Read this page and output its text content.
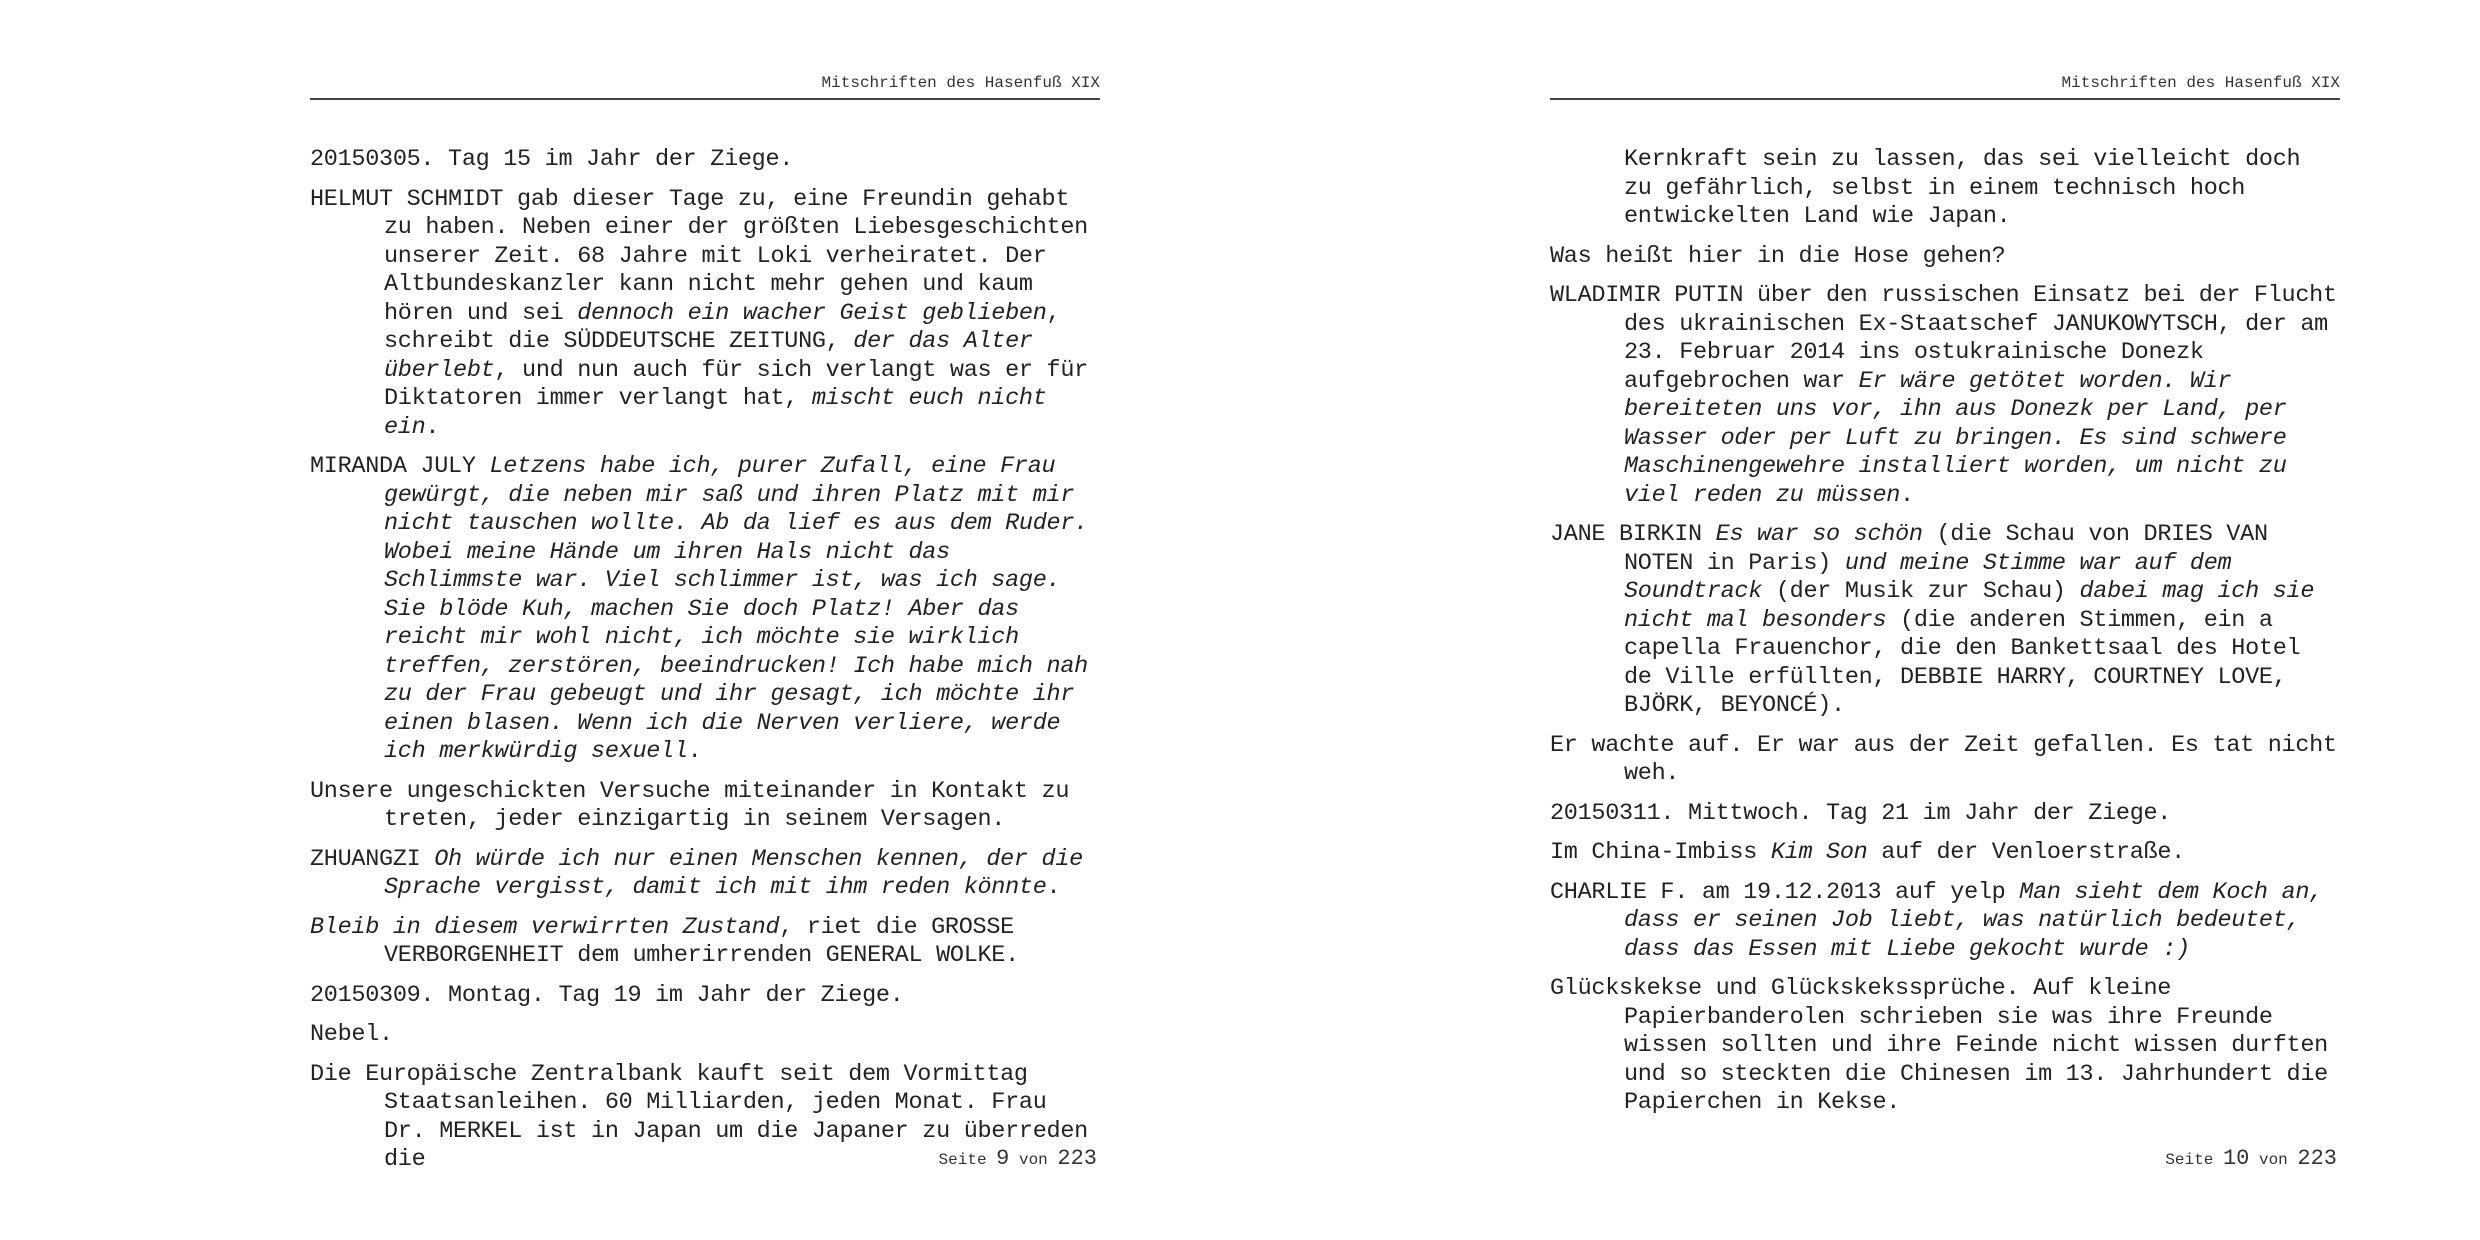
Mitschriften des Hasenfuß XIX

20150305. Tag 15 im Jahr der Ziege.

HELMUT SCHMIDT gab dieser Tage zu, eine Freundin gehabt zu haben. Neben einer der größten Liebesgeschichten unserer Zeit. 68 Jahre mit Loki verheiratet. Der Altbundeskanzler kann nicht mehr gehen und kaum hören und sei dennoch ein wacher Geist geblieben, schreibt die SÜDDEUTSCHE ZEITUNG, der das Alter überlebt, und nun auch für sich verlangt was er für Diktatoren immer verlangt hat, mischt euch nicht ein.

MIRANDA JULY Letzens habe ich, purer Zufall, eine Frau gewürgt, die neben mir saß und ihren Platz mit mir nicht tauschen wollte. Ab da lief es aus dem Ruder. Wobei meine Hände um ihren Hals nicht das Schlimmste war. Viel schlimmer ist, was ich sage. Sie blöde Kuh, machen Sie doch Platz! Aber das reicht mir wohl nicht, ich möchte sie wirklich treffen, zerstören, beeindrucken! Ich habe mich nah zu der Frau gebeugt und ihr gesagt, ich möchte ihr einen blasen. Wenn ich die Nerven verliere, werde ich merkwürdig sexuell.

Unsere ungeschickten Versuche miteinander in Kontakt zu treten, jeder einzigartig in seinem Versagen.

ZHUANGZI Oh würde ich nur einen Menschen kennen, der die Sprache vergisst, damit ich mit ihm reden könnte.

Bleib in diesem verwirrten Zustand, riet die GROSSE VERBORGENHEIT dem umherirrenden GENERAL WOLKE.

20150309. Montag. Tag 19 im Jahr der Ziege.

Nebel.

Die Europäische Zentralbank kauft seit dem Vormittag Staatsanleihen. 60 Milliarden, jeden Monat. Frau Dr. MERKEL ist in Japan um die Japaner zu überreden die	Seite 9 von 223
Mitschriften des Hasenfuß XIX

Kernkraft sein zu lassen, das sei vielleicht doch zu gefährlich, selbst in einem technisch hoch entwickelten Land wie Japan.

Was heißt hier in die Hose gehen?

WLADIMIR PUTIN über den russischen Einsatz bei der Flucht des ukrainischen Ex-Staatschef JANUKOWYTSCH, der am 23. Februar 2014 ins ostukrainische Donezk aufgebrochen war Er wäre getötet worden. Wir bereiteten uns vor, ihn aus Donezk per Land, per Wasser oder per Luft zu bringen. Es sind schwere Maschinengewehre installiert worden, um nicht zu viel reden zu müssen.

JANE BIRKIN Es war so schön (die Schau von DRIES VAN NOTEN in Paris) und meine Stimme war auf dem Soundtrack (der Musik zur Schau) dabei mag ich sie nicht mal besonders (die anderen Stimmen, ein a capella Frauenchor, die den Bankettsaal des Hotel de Ville erfüllten, DEBBIE HARRY, COURTNEY LOVE, BJÖRK, BEYONCÉ).

Er wachte auf. Er war aus der Zeit gefallen. Es tat nicht weh.

20150311. Mittwoch. Tag 21 im Jahr der Ziege.

Im China-Imbiss Kim Son auf der Venloerstraße.

CHARLIE F. am 19.12.2013 auf yelp Man sieht dem Koch an, dass er seinen Job liebt, was natürlich bedeutet, dass das Essen mit Liebe gekocht wurde :)

Glückskekse und Glückskekssprüche. Auf kleine Papierbanderolen schrieben sie was ihre Freunde wissen sollten und ihre Feinde nicht wissen durften und so steckten die Chinesen im 13. Jahrhundert die Papierchen in Kekse.

Seite 10 von 223
